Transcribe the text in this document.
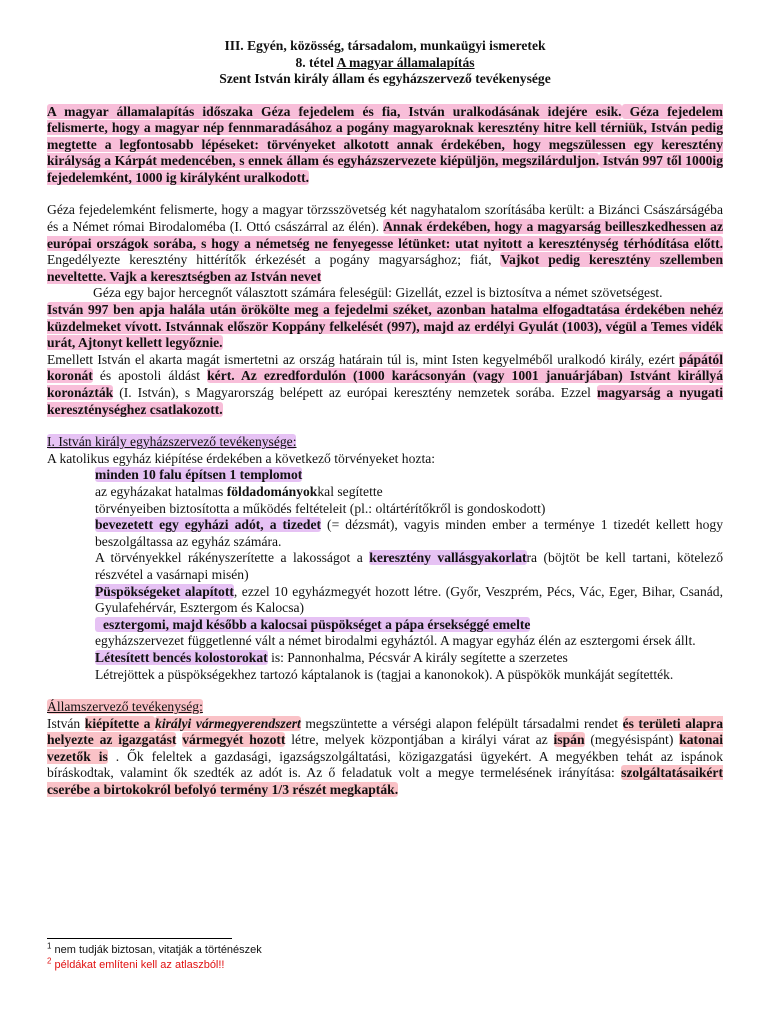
III. Egyén, közösség, társadalom, munkaügyi ismeretek
8. tétel A magyar államalapítás
Szent István király állam és egyházszervező tevékenysége

A magyar államalapítás időszaka Géza fejedelem és fia, István uralkodásának idejére esik. Géza fejedelem felismerte, hogy a magyar nép fennmaradásához a pogány magyaroknak keresztény hitre kell térniük, István pedig megtette a legfontosabb lépéseket: törvényeket alkotott annak érdekében, hogy megszülessen egy keresztény királyság a Kárpát medencében, s ennek állam és egyházszervezete kiépüljön, megszilárduljon. István 997 től 1000ig fejedelemként, 1000 ig királyként uralkodott.

Géza fejedelemként felismerte, hogy a magyar törzsszövetség két nagyhatalom szorításába került: a Bizánci Császárságéba és a Német római Birodaloméba (I. Ottó császárral az élén). Annak érdekében, hogy a magyarság beilleszkedhessen az európai országok sorába, s hogy a németség ne fenyegesse létünket: utat nyitott a kereszténység térhódítása előtt. Engedélyezte keresztény hittérítők érkezését a pogány magyarsághoz; fiát, Vajkot pedig keresztény szellemben neveltette. Vajk a keresztségben az István nevet

Géza egy bajor hercegnőt választott számára feleségül: Gizellát, ezzel is biztosítva a német szövetségest.

István 997 ben apja halála után örökölte meg a fejedelmi széket, azonban hatalma elfogadtatása érdekében nehéz küzdelmeket vívott. Istvánnak először Koppány felkelését (997), majd az erdélyi Gyulát (1003), végül a Temes vidék urát, Ajtonyt kellett legyőznie.

Emellett István el akarta magát ismertetni az ország határain túl is, mint Isten kegyelméből uralkodó király, ezért pápától koronát és apostoli áldást kért. Az ezredfordulón (1000 karácsonyán (vagy 1001 januárjában) Istvánt királlyá koronázták (I. István), s Magyarország belépett az európai keresztény nemzetek sorába. Ezzel magyarság a nyugati kereszténységhez csatlakozott.

I. István király egyházszervező tevékenysége:
A katolikus egyház kiépítése érdekében a következő törvényeket hozta:
minden 10 falu építsen 1 templomot
az egyházakat hatalmas földadományokkal segítette
törvényeiben biztosította a működés feltételeit (pl.: oltártérítőkről is gondoskodott)
bevezetett egy egyházi adót, a tizedet (= dézsmát), vagyis minden ember a terménye 1 tizedét kellett hogy beszolgáltassa az egyház számára.
A törvényekkel rákényszerítette a lakosságot a keresztény vallásgyakorlatra (böjtöt be kell tartani, kötelező részvétel a vasárnapi misén)
Püspökségeket alapított, ezzel 10 egyházmegyét hozott létre. (Győr, Veszprém, Pécs, Vác, Eger, Bihar, Csanád, Gyulafehérvár, Esztergom és Kalocsa)
esztergomi, majd később a kalocsai püspökséget a pápa érsekséggé emelte
egyházszervezet függetlenné vált a német birodalmi egyháztól. A magyar egyház élén az esztergomi érsek állt.
Létesített bencés kolostorokat is: Pannonhalma, Pécsvár A király segítette a szerzetes
Létrejöttek a püspökségekhez tartozó káptalanok is (tagjai a kanonokok). A püspökök munkáját segítették.
Államszervező tevékenység:

István kiépítette a királyi vármegyerendszert megszüntette a vérségi alapon felépült társadalmi rendet és területi alapra helyezte az igazgatást vármegyét hozott létre, melyek központjában a királyi várat az ispán (megyésispánt) katonai vezetők is . Ők feleltek a gazdasági, igazságszolgáltatási, közigazgatási ügyekért. A megyékben tehát az ispánok bíráskodtak, valamint ők szedték az adót is. Az ő feladatuk volt a megye termelésének irányítása: szolgáltatásaikért cserébe a birtokokról befolyó termény 1/3 részét megkapták.

$^1$ nem tudják biztosan, vitatják a történészek
$^2$ példákat említeni kell az atlaszból!!
